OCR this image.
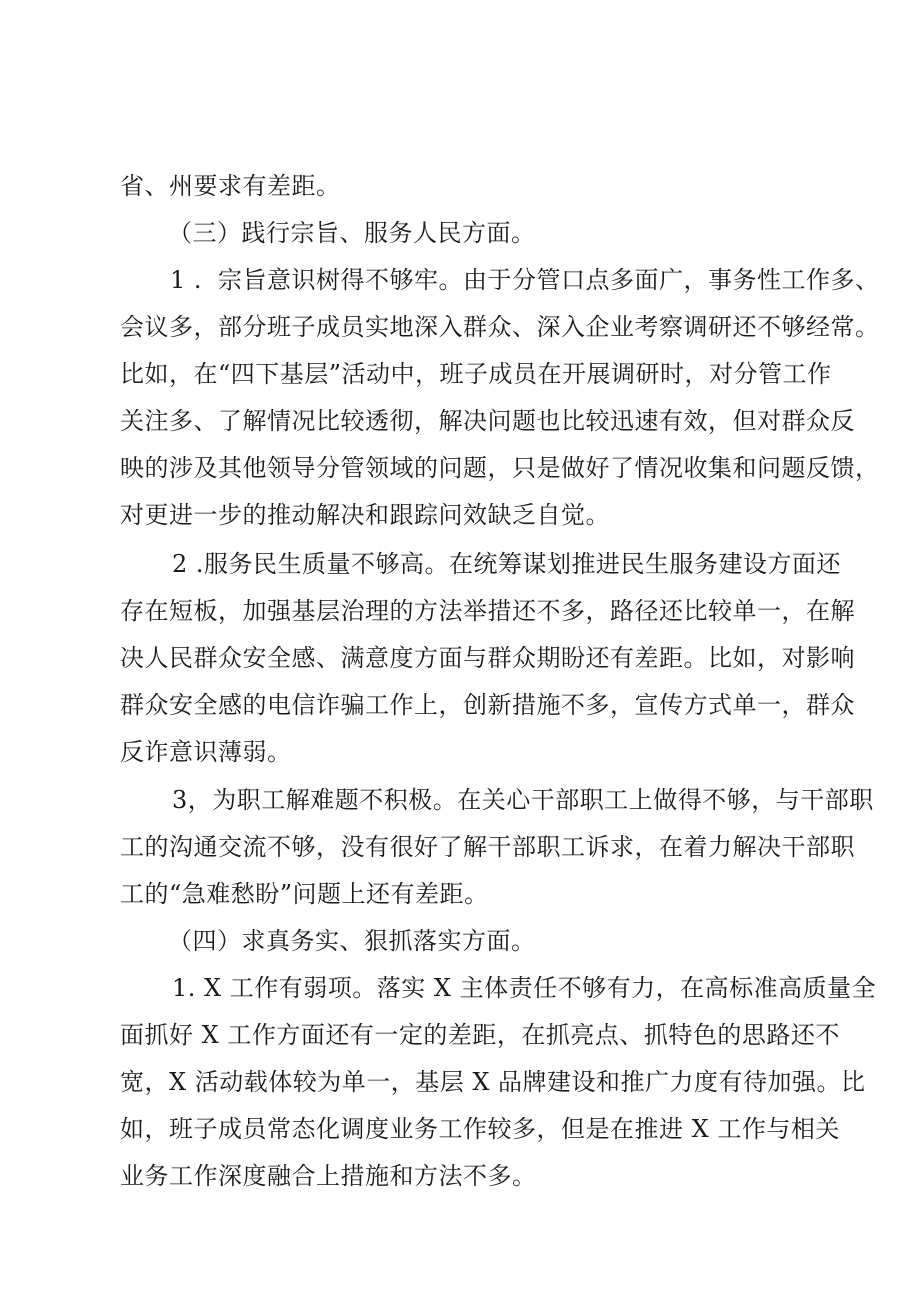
省、州要求有差距。
（三）践行宗旨、服务人民方面。
宗旨意识树得不够牢。由于分管口点多面广，事务性工作多、
1 .
会议多，部分班子成员实地深入群众、深入企业考察调研还不够经常。
比如，在“四下基层”活动中，班子成员在开展调研时，对分管工作
关注多、了解情况比较透彻，解决问题也比较迅速有效，但对群众反
映的涉及其他领导分管领域的问题，只是做好了情况收集和问题反馈，
对更进一步的推动解决和跟踪问效缺乏自觉。
2 .服务民生质量不够高。在统筹谋划推进民生服务建设方面还
存在短板，加强基层治理的方法举措还不多，路径还比较单一，在解
决人民群众安全感、满意度方面与群众期盼还有差距。比如，对影响
群众安全感的电信诈骗工作上，创新措施不多，宣传方式单一，群众
反诈意识薄弱。
3，为职工解难题不积极。在关心干部职工上做得不够，与干部职
工的沟通交流不够，没有很好了解干部职工诉求，在着力解决干部职
工的“急难愁盼”问题上还有差距。
（四）求真务实、狠抓落实方面。
1. X 工作有弱项。落实 X 主体责任不够有力，在高标准高质量全
面抓好 X 工作方面还有一定的差距，在抓亮点、抓特色的思路还不
宽，X 活动载体较为单一，基层 X 品牌建设和推广力度有待加强。比
如，班子成员常态化调度业务工作较多，但是在推进 X 工作与相关
业务工作深度融合上措施和方法不多。
